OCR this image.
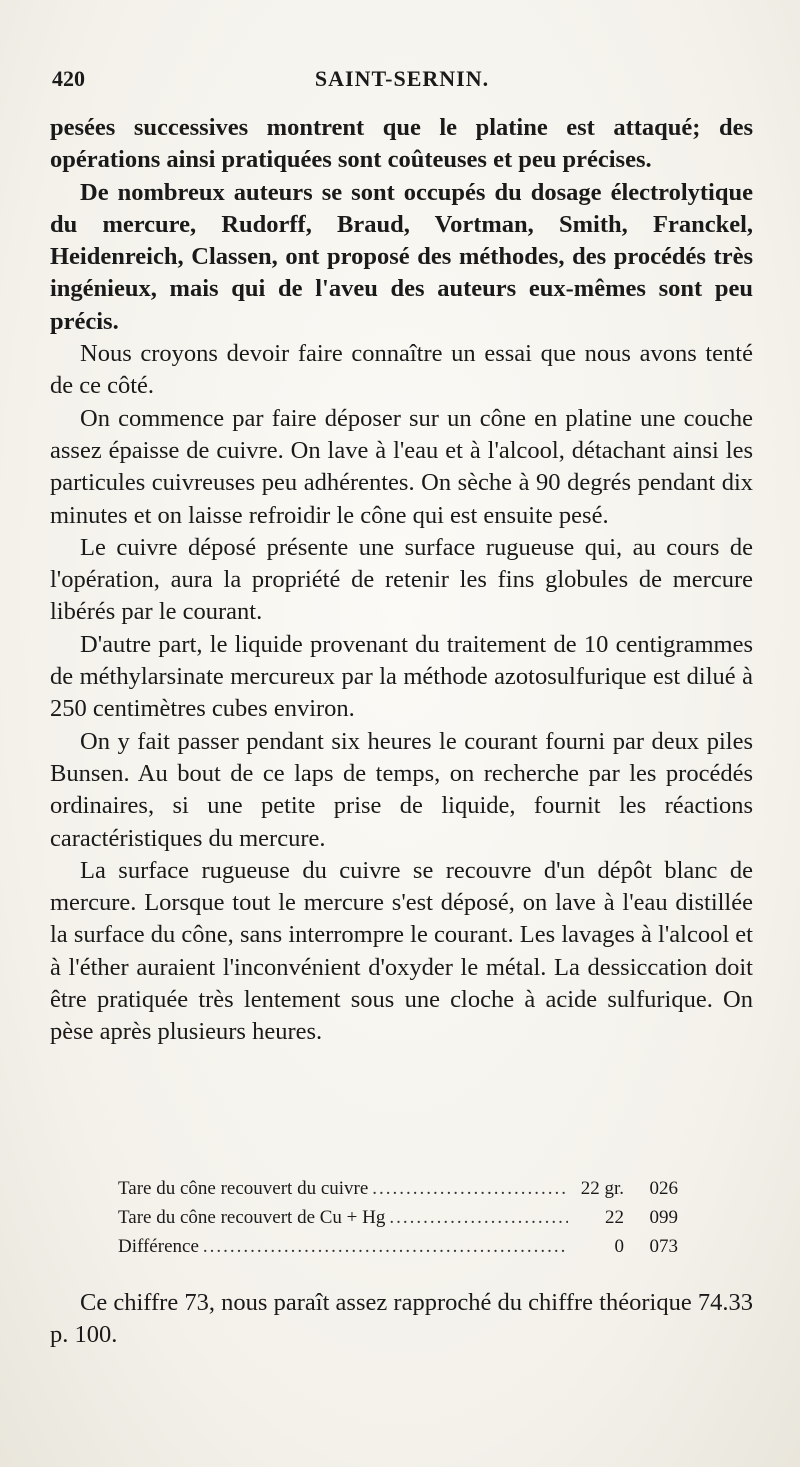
420	SAINT-SERNIN.

pesées successives montrent que le platine est attaqué; des opérations ainsi pratiquées sont coûteuses et peu précises.

De nombreux auteurs se sont occupés du dosage électrolytique du mercure, Rudorff, Braud, Vortman, Smith, Franckel, Heidenreich, Classen, ont proposé des méthodes, des procédés très ingénieux, mais qui de l'aveu des auteurs eux-mêmes sont peu précis.

Nous croyons devoir faire connaître un essai que nous avons tenté de ce côté.

On commence par faire déposer sur un cône en platine une couche assez épaisse de cuivre. On lave à l'eau et à l'alcool, détachant ainsi les particules cuivreuses peu adhérentes. On sèche à 90 degrés pendant dix minutes et on laisse refroidir le cône qui est ensuite pesé.

Le cuivre déposé présente une surface rugueuse qui, au cours de l'opération, aura la propriété de retenir les fins globules de mercure libérés par le courant.

D'autre part, le liquide provenant du traitement de 10 centigrammes de méthylarsinate mercureux par la méthode azotosulfurique est dilué à 250 centimètres cubes environ.

On y fait passer pendant six heures le courant fourni par deux piles Bunsen. Au bout de ce laps de temps, on recherche par les procédés ordinaires, si une petite prise de liquide, fournit les réactions caractéristiques du mercure.

La surface rugueuse du cuivre se recouvre d'un dépôt blanc de mercure. Lorsque tout le mercure s'est déposé, on lave à l'eau distillée la surface du cône, sans interrompre le courant. Les lavages à l'alcool et à l'éther auraient l'inconvénient d'oxyder le métal. La dessiccation doit être pratiquée très lentement sous une cloche à acide sulfurique. On pèse après plusieurs heures.

Tare du cône recouvert du cuivre .....	22 gr.	026
Tare du cône recouvert de Cu + Hg .....	22	099
Différence .....	0	073

Ce chiffre 73, nous paraît assez rapproché du chiffre théorique 74.33 p. 100.
